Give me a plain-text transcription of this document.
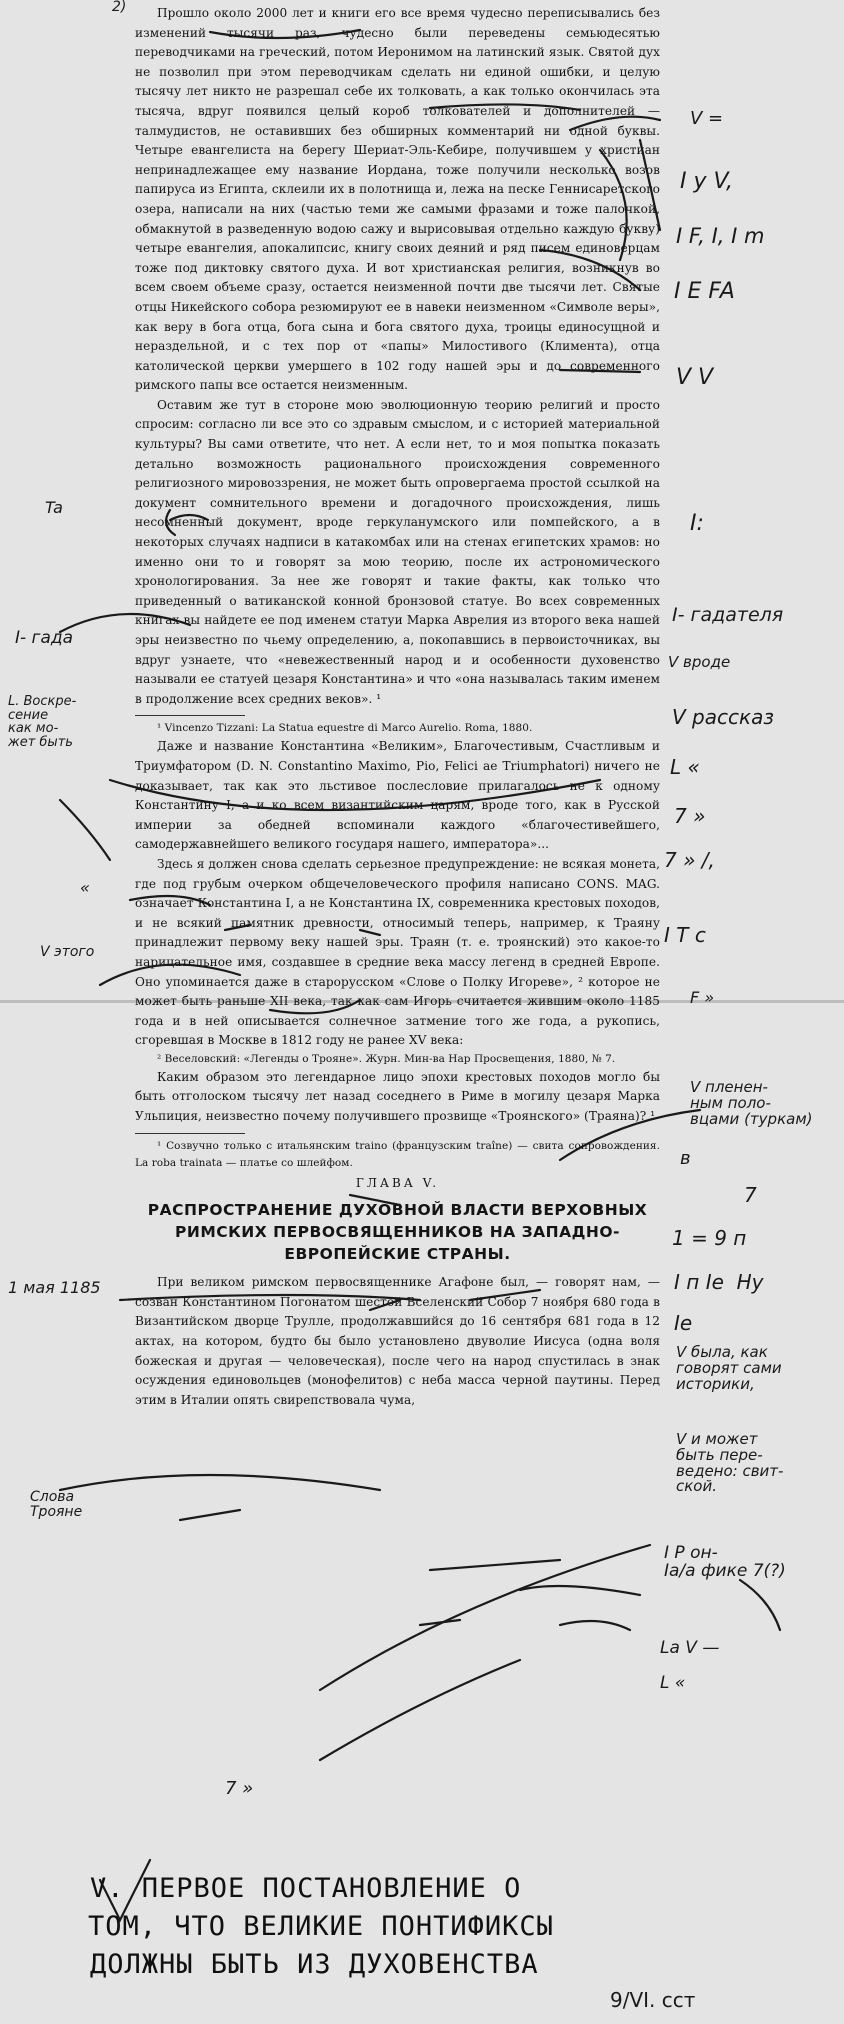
2)	Прошло около 2000 лет и книги его все время чудесно переписывались без изменений тысячи раз, чудесно были переведены семьюдесятью переводчиками на греческий, потом Иеронимом на латинский язык. Святой дух не позволил при этом переводчикам сделать ни единой ошибки, и целую тысячу лет никто не разрешал себе их толковать, а как только окончилась эта тысяча, вдруг появился целый короб толкователей и дополнителей — талмудистов, не оставивших без обширных комментарий ни одной буквы. Четыре евангелиста на берегу Шериат-Эль-Кебире, получившем у христиан непринадлежащее ему название Иордана, тоже получили несколько возов папируса из Египта, склеили их в полотнища и, лежа на песке Геннисаретского озера, написали на них (частью теми же самыми фразами и тоже палочкой, обмакнутой в разведенную водою сажу и вырисовывая отдельно каждую букву) четыре евангелия, апокалипсис, книгу своих деяний и ряд писем единоверцам тоже под диктовку святого духа. И вот христианская религия, возникнув во всем своем объеме сразу, остается неизменной почти две тысячи лет. Святые отцы Никейского собора резюмируют ее в навеки неизменном «Символе веры», как веру в бога отца, бога сына и бога святого духа, троицы единосущной и нераздельной, и с тех пор от «папы» Милостивого (Климента), отца католической церкви умершего в 102 году нашей эры и до современного римского папы все остается неизменным.

Оставим же тут в стороне мою эволюционную теорию религий и просто спросим: согласно ли все это со здравым смыслом, и с историей материальной культуры? Вы сами ответите, что нет. А если нет, то и моя попытка показать детально возможность рационального происхождения современного религиозного мировоззрения, не может быть опровергаема простой ссылкой на документ сомнительного времени и догадочного происхождения, лишь несомненный документ, вроде геркуланумского или помпейского, а в некоторых случаях надписи в катакомбах или на стенах египетских храмов: но именно они то и говорят за мою теорию, после их астрономического хронологирования. За нее же говорят и такие факты, как только что приведенный о ватиканской конной бронзовой статуе. Во всех современных книгах вы найдете ее под именем статуи Марка Аврелия из второго века нашей эры неизвестно по чьему определению, а, покопавшись в первоисточниках, вы вдруг узнаете, что «невежественный народ и и особенности духовенство называли ее статуей цезаря Константина» и что «она называлась таким именем в продолжение всех средних веков». ¹

¹ Vincenzo Tizzani: La Statua equestre di Marco Aurelio. Roma, 1880.

Даже и название Константина «Великим», Благочестивым, Счастливым и Триумфатором (D. N. Constantino Maximo, Pio, Felici ae Triumphatori) ничего не доказывает, так как это льстивое послесловие прилагалось не к одному Константину I, а и ко всем византийским царям, вроде того, как в Русской империи за обедней вспоминали каждого «благочестивейшего, самодержавнейшего великого государя нашего, императора»...

Здесь я должен снова сделать серьезное предупреждение: не всякая монета, где под грубым очерком общечеловеческого профиля написано CONS. MAG. означает Константина I, а не Константина IX, современника крестовых походов, и не всякий памятник древности, относимый теперь, например, к Траяну принадлежит первому веку нашей эры. Траян (т. е. троянский) это какое-то нарицательное имя, создавшее в средние века массу легенд в средней Европе. Оно упоминается даже в старорусском «Слове о Полку Игореве», ² которое не может быть раньше XII века, так как сам Игорь считается жившим около 1185 года и в ней описывается солнечное затмение того же года, а рукопись, сгоревшая в Москве в 1812 году не ранее XV века:

² Веселовский: «Легенды о Трояне». Журн. Мин-ва Нар Просвещения, 1880, № 7.

Каким образом это легендарное лицо эпохи крестовых походов могло бы быть отголоском тысячу лет назад соседнего в Риме в могилу цезаря Марка Ульпиция, неизвестно почему получившего прозвище «Троянского» (Траяна)? ¹

¹ Созвучно только с итальянским traino (французским traîne) — свита сопровождения. La roba trainata — платье со шлейфом.

ГЛАВА V.
РАСПРОСТРАНЕНИЕ ДУХОВНОЙ ВЛАСТИ ВЕРХОВНЫХ РИМСКИХ ПЕРВОСВЯЩЕННИКОВ НА ЗАПАДНО-ЕВРОПЕЙСКИЕ СТРАНЫ.

При великом римском первосвященнике Агафоне был, — говорят нам, — созван Константином Погонатом шестой Вселенский Собор 7 ноября 680 года в Византийском дворце Трулле, продолжавшийся до 16 сентября 681 года в 12 актах, на котором, будто бы было установлено двуволие Иисуса (одна воля божеская и другая — человеческая), после чего на народ спустилась в знак осуждения единовольцев (монофелитов) с неба масса черной паутины. Перед этим в Италии опять свирепствовала чума,

V =
I y V,
I F, I, I m
I E FA
V V
I:
I- гадателя
V вроде
V рассказ
L «
7 »
7 » /,
I T c
F »
V пленен-
ным поло-
вцами (туркам)
в
7
1 = 9 п
I п Ie  Ну
Ie
V была, как
говорят сами
историки,
V и может
быть пере-
ведено: свит-
ской.
I P он-
Ia/a фике 7(?)
La V —
L «
I- гада
L. Воскре-
сение
как мо-
жет быть
«
V этого
1 мая 1185
Слова
Трояне
Ta
7 »
V. ПЕРВОЕ ПОСТАНОВЛЕНИЕ О
ТОМ, ЧТО ВЕЛИКИЕ ПОНТИФИКСЫ
ДОЛЖНЫ БЫТЬ ИЗ ДУХОВЕНСТВА
9/VI. сст
